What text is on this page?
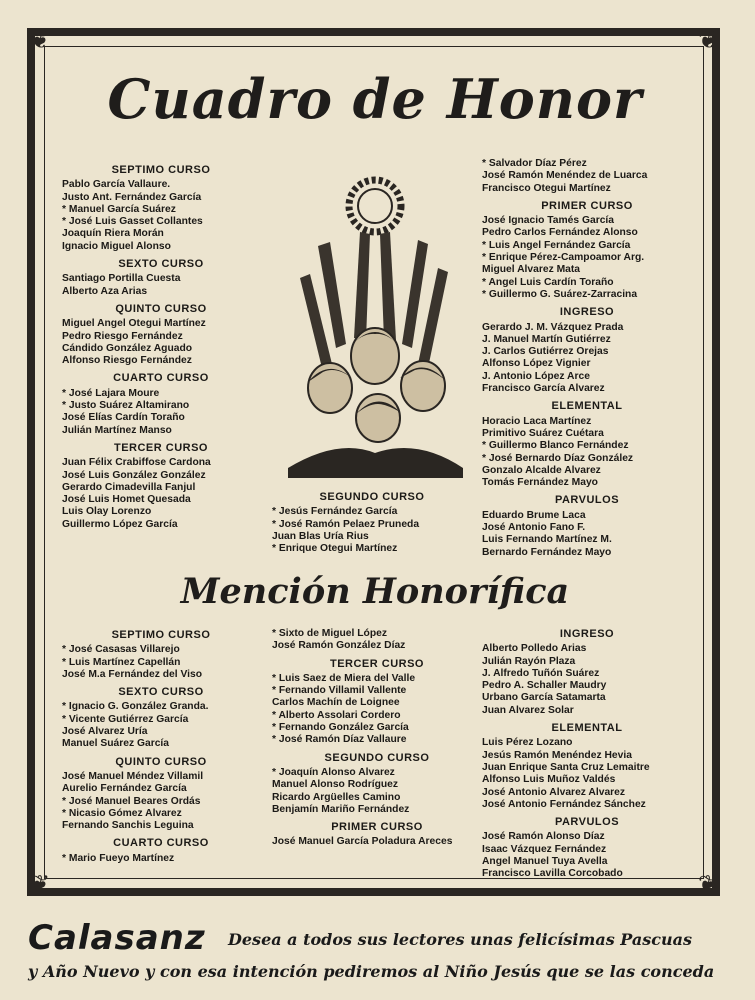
❦	❦
❦	❦
Cuadro de Honor
SEPTIMO CURSO
Pablo García Vallaure.
Justo Ant. Fernández García
* Manuel García Suárez
* José Luis Gasset Collantes
Joaquín Riera Morán
Ignacio Miguel Alonso
SEXTO CURSO
Santiago Portilla Cuesta
Alberto Aza Arias
QUINTO CURSO
Miguel Angel Otegui Martínez
Pedro Riesgo Fernández
Cándido González Aguado
Alfonso Riesgo Fernández
CUARTO CURSO
* José Lajara Moure
* Justo Suárez Altamirano
José Elías Cardín Toraño
Julián Martínez Manso
TERCER CURSO
Juan Félix Crabiffose Cardona
José Luis González González
Gerardo Cimadevilla Fanjul
José Luis Homet Quesada
Luis Olay Lorenzo
Guillermo López García
SEGUNDO CURSO
* Jesús Fernández García
* José Ramón Pelaez Pruneda
Juan Blas Uría Rius
* Enrique Otegui Martínez
* Salvador Díaz Pérez
José Ramón Menéndez de Luarca
Francisco Otegui Martínez
PRIMER CURSO
José Ignacio Tamés García
Pedro Carlos Fernández Alonso
* Luis Angel Fernández García
* Enrique Pérez-Campoamor Arg.
Miguel Alvarez Mata
* Angel Luis Cardín Toraño
* Guillermo G. Suárez-Zarracina
INGRESO
Gerardo J. M. Vázquez Prada
J. Manuel Martín Gutiérrez
J. Carlos Gutiérrez Orejas
Alfonso López Vignier
J. Antonio López Arce
Francisco García Alvarez
ELEMENTAL
Horacio Laca Martínez
Primitivo Suárez Cuétara
* Guillermo Blanco Fernández
* José Bernardo Díaz González
Gonzalo Alcalde Alvarez
Tomás Fernández Mayo
PARVULOS
Eduardo Brume Laca
José Antonio Fano F.
Luis Fernando Martínez M.
Bernardo Fernández Mayo
Mención Honorífica
SEPTIMO CURSO
* José Casasas Villarejo
* Luis Martínez Capellán
José M.a Fernández del Viso
SEXTO CURSO
* Ignacio G. González Granda.
* Vicente Gutiérrez García
José Alvarez Uría
Manuel Suárez García
QUINTO CURSO
José Manuel Méndez Villamil
Aurelio Fernández García
* José Manuel Beares Ordás
* Nicasio Gómez Alvarez
Fernando Sanchis Leguina
CUARTO CURSO
* Mario Fueyo Martínez
* Sixto de Miguel López
José Ramón González Díaz
TERCER CURSO
* Luis Saez de Miera del Valle
* Fernando Villamil Vallente
Carlos Machín de Loignee
* Alberto Assolari Cordero
* Fernando González García
* José Ramón Díaz Vallaure
SEGUNDO CURSO
* Joaquín Alonso Alvarez
Manuel Alonso Rodríguez
Ricardo Argüelles Camino
Benjamín Mariño Fernández
PRIMER CURSO
José Manuel García Poladura Areces
INGRESO
Alberto Polledo Arias
Julián Rayón Plaza
J. Alfredo Tuñón Suárez
Pedro A. Schaller Maudry
Urbano García Satamarta
Juan Alvarez Solar
ELEMENTAL
Luis Pérez Lozano
Jesús Ramón Menéndez Hevia
Juan Enrique Santa Cruz Lemaitre
Alfonso Luis Muñoz Valdés
José Antonio Alvarez Alvarez
José Antonio Fernández Sánchez
PARVULOS
José Ramón Alonso Díaz
Isaac Vázquez Fernández
Angel Manuel Tuya Avella
Francisco Lavilla Corcobado
Calasanz Desea a todos sus lectores unas felicísimas Pascuas
y Año Nuevo y con esa intención pediremos al Niño Jesús que se las conceda
